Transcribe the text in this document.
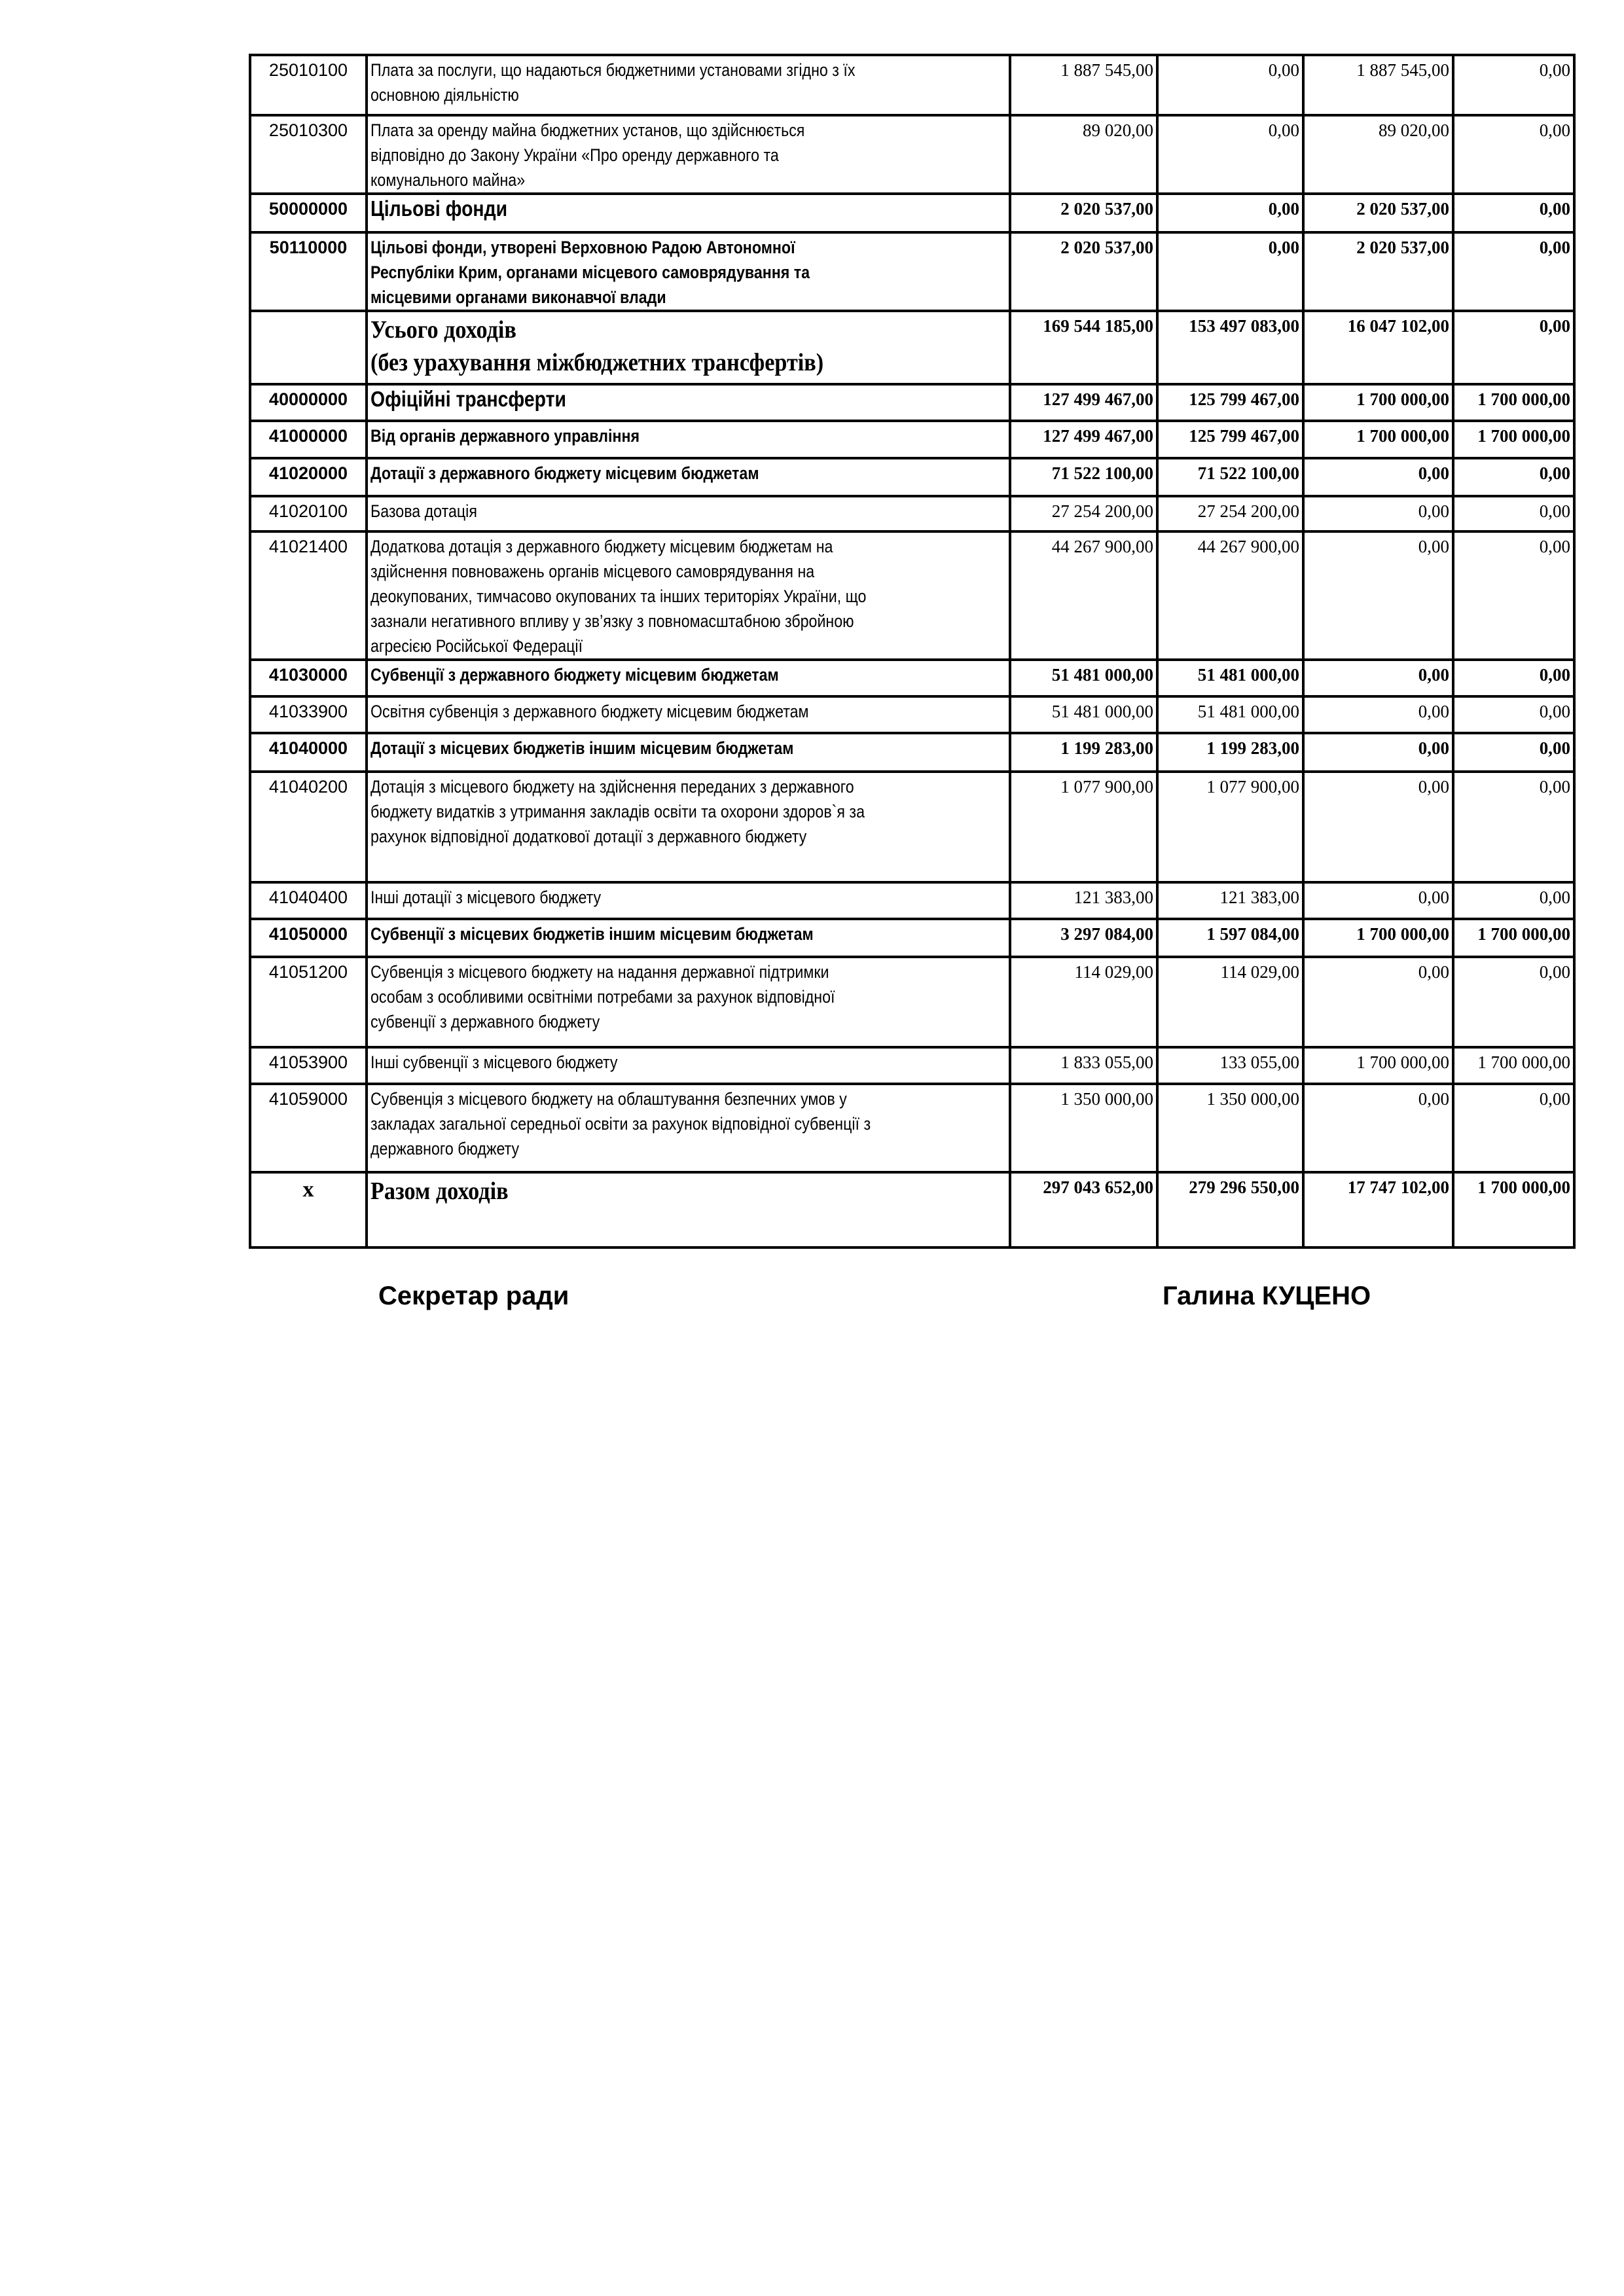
25010100	Плата за послуги, що надаються бюджетними установами згідно з їх
основною діяльністю	1 887 545,00	0,00	1 887 545,00	0,00
25010300	Плата за оренду майна бюджетних установ, що здійснюється
відповідно до Закону України «Про оренду державного та
комунального майна»	89 020,00	0,00	89 020,00	0,00
50000000	Цільові фонди	2 020 537,00	0,00	2 020 537,00	0,00
50110000	Цільові фонди, утворені Верховною Радою Автономної
Республіки Крим, органами місцевого самоврядування та
місцевими органами виконавчої влади	2 020 537,00	0,00	2 020 537,00	0,00

	Усього доходів
(без урахування міжбюджетних трансфертів)	169 544 185,00	153 497 083,00	16 047 102,00	0,00
40000000	Офіційні трансферти	127 499 467,00	125 799 467,00	1 700 000,00	1 700 000,00
41000000	Від органів державного управління	127 499 467,00	125 799 467,00	1 700 000,00	1 700 000,00
41020000	Дотації з державного бюджету місцевим бюджетам	71 522 100,00	71 522 100,00	0,00	0,00
41020100	Базова дотація	27 254 200,00	27 254 200,00	0,00	0,00
41021400	Додаткова дотація з державного бюджету місцевим бюджетам на
здійснення повноважень органів місцевого самоврядування на
деокупованих, тимчасово окупованих та інших територіях України, що
зазнали негативного впливу у зв’язку з повномасштабною збройною
агресією Російської Федерації	44 267 900,00	44 267 900,00	0,00	0,00
41030000	Субвенції з державного бюджету місцевим бюджетам	51 481 000,00	51 481 000,00	0,00	0,00
41033900	Освітня субвенція з державного бюджету місцевим бюджетам	51 481 000,00	51 481 000,00	0,00	0,00
41040000	Дотації з місцевих бюджетів іншим місцевим бюджетам	1 199 283,00	1 199 283,00	0,00	0,00
41040200	Дотація з місцевого бюджету на здійснення переданих з державного
бюджету видатків з утримання закладів освіти та охорони здоров`я за
рахунок відповідної додаткової дотації з державного бюджету	1 077 900,00	1 077 900,00	0,00	0,00
41040400	Інші дотації з місцевого бюджету	121 383,00	121 383,00	0,00	0,00
41050000	Субвенції з місцевих бюджетів іншим місцевим бюджетам	3 297 084,00	1 597 084,00	1 700 000,00	1 700 000,00
41051200	Субвенція з місцевого бюджету на надання державної підтримки
особам з особливими освітніми потребами за рахунок відповідної
субвенції з державного бюджету	114 029,00	114 029,00	0,00	0,00
41053900	Інші субвенції з місцевого бюджету	1 833 055,00	133 055,00	1 700 000,00	1 700 000,00
41059000	Субвенція з місцевого бюджету на облаштування безпечних умов у
закладах загальної середньої освіти за рахунок відповідної субвенції з
державного бюджету	1 350 000,00	1 350 000,00	0,00	0,00
x	Разом доходів	297 043 652,00	279 296 550,00	17 747 102,00	1 700 000,00
Секретар ради	Галина КУЦЕНО
